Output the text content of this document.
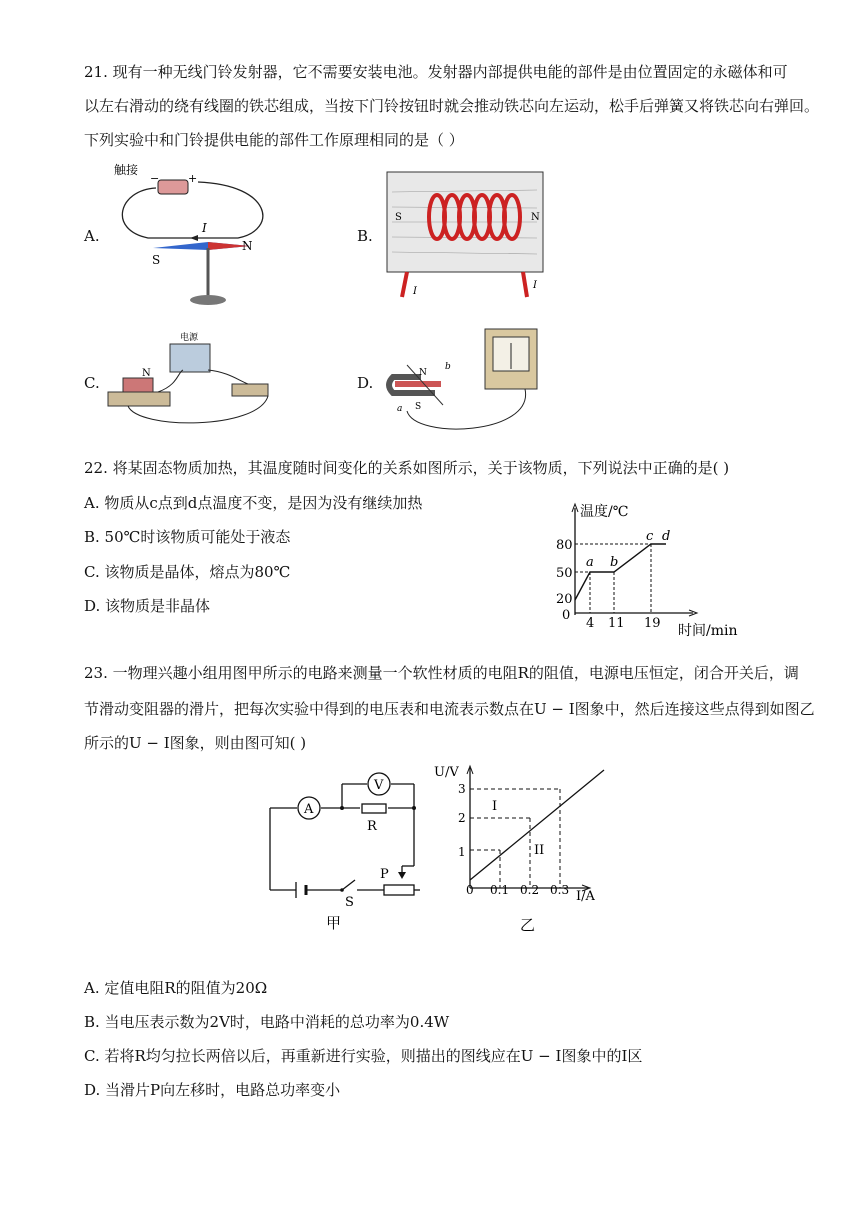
21. 现有一种无线门铃发射器，它不需要安装电池。发射器内部提供电能的部件是由位置固定的永磁体和可
以左右滑动的绕有线圈的铁芯组成，当按下门铃按钮时就会推动铁芯向左运动，松手后弹簧又将铁芯向右弹回。
下列实验中和门铃提供电能的部件工作原理相同的是（ ）
A.	B.
C.	D.
触接
−	+
I
S
N
S	N
I
I
电源
N	N
S
a
b
22. 将某固态物质加热，其温度随时间变化的关系如图所示，关于该物质，下列说法中正确的是( )
A. 物质从c点到d点温度不变，是因为没有继续加热
B. 50℃时该物质可能处于液态
C. 该物质是晶体，熔点为80℃
D. 该物质是非晶体
温度/℃
时间/min
0
20
50
80
4 11 19
a b
c d
23. 一物理兴趣小组用图甲所示的电路来测量一个软性材质的电阻R的阻值，电源电压恒定，闭合开关后，调
节滑动变阻器的滑片，把每次实验中得到的电压表和电流表示数点在U − I图象中，然后连接这些点得到如图乙
所示的U − I图象，则由图可知( )
A
V
R
S
P
甲
U/V
I/A
0
1
2
3
0.1 0.2 0.3
I
II
乙
A. 定值电阻R的阻值为20Ω
B. 当电压表示数为2V时，电路中消耗的总功率为0.4W
C. 若将R均匀拉长两倍以后，再重新进行实验，则描出的图线应在U − I图象中的I区
D. 当滑片P向左移时，电路总功率变小
